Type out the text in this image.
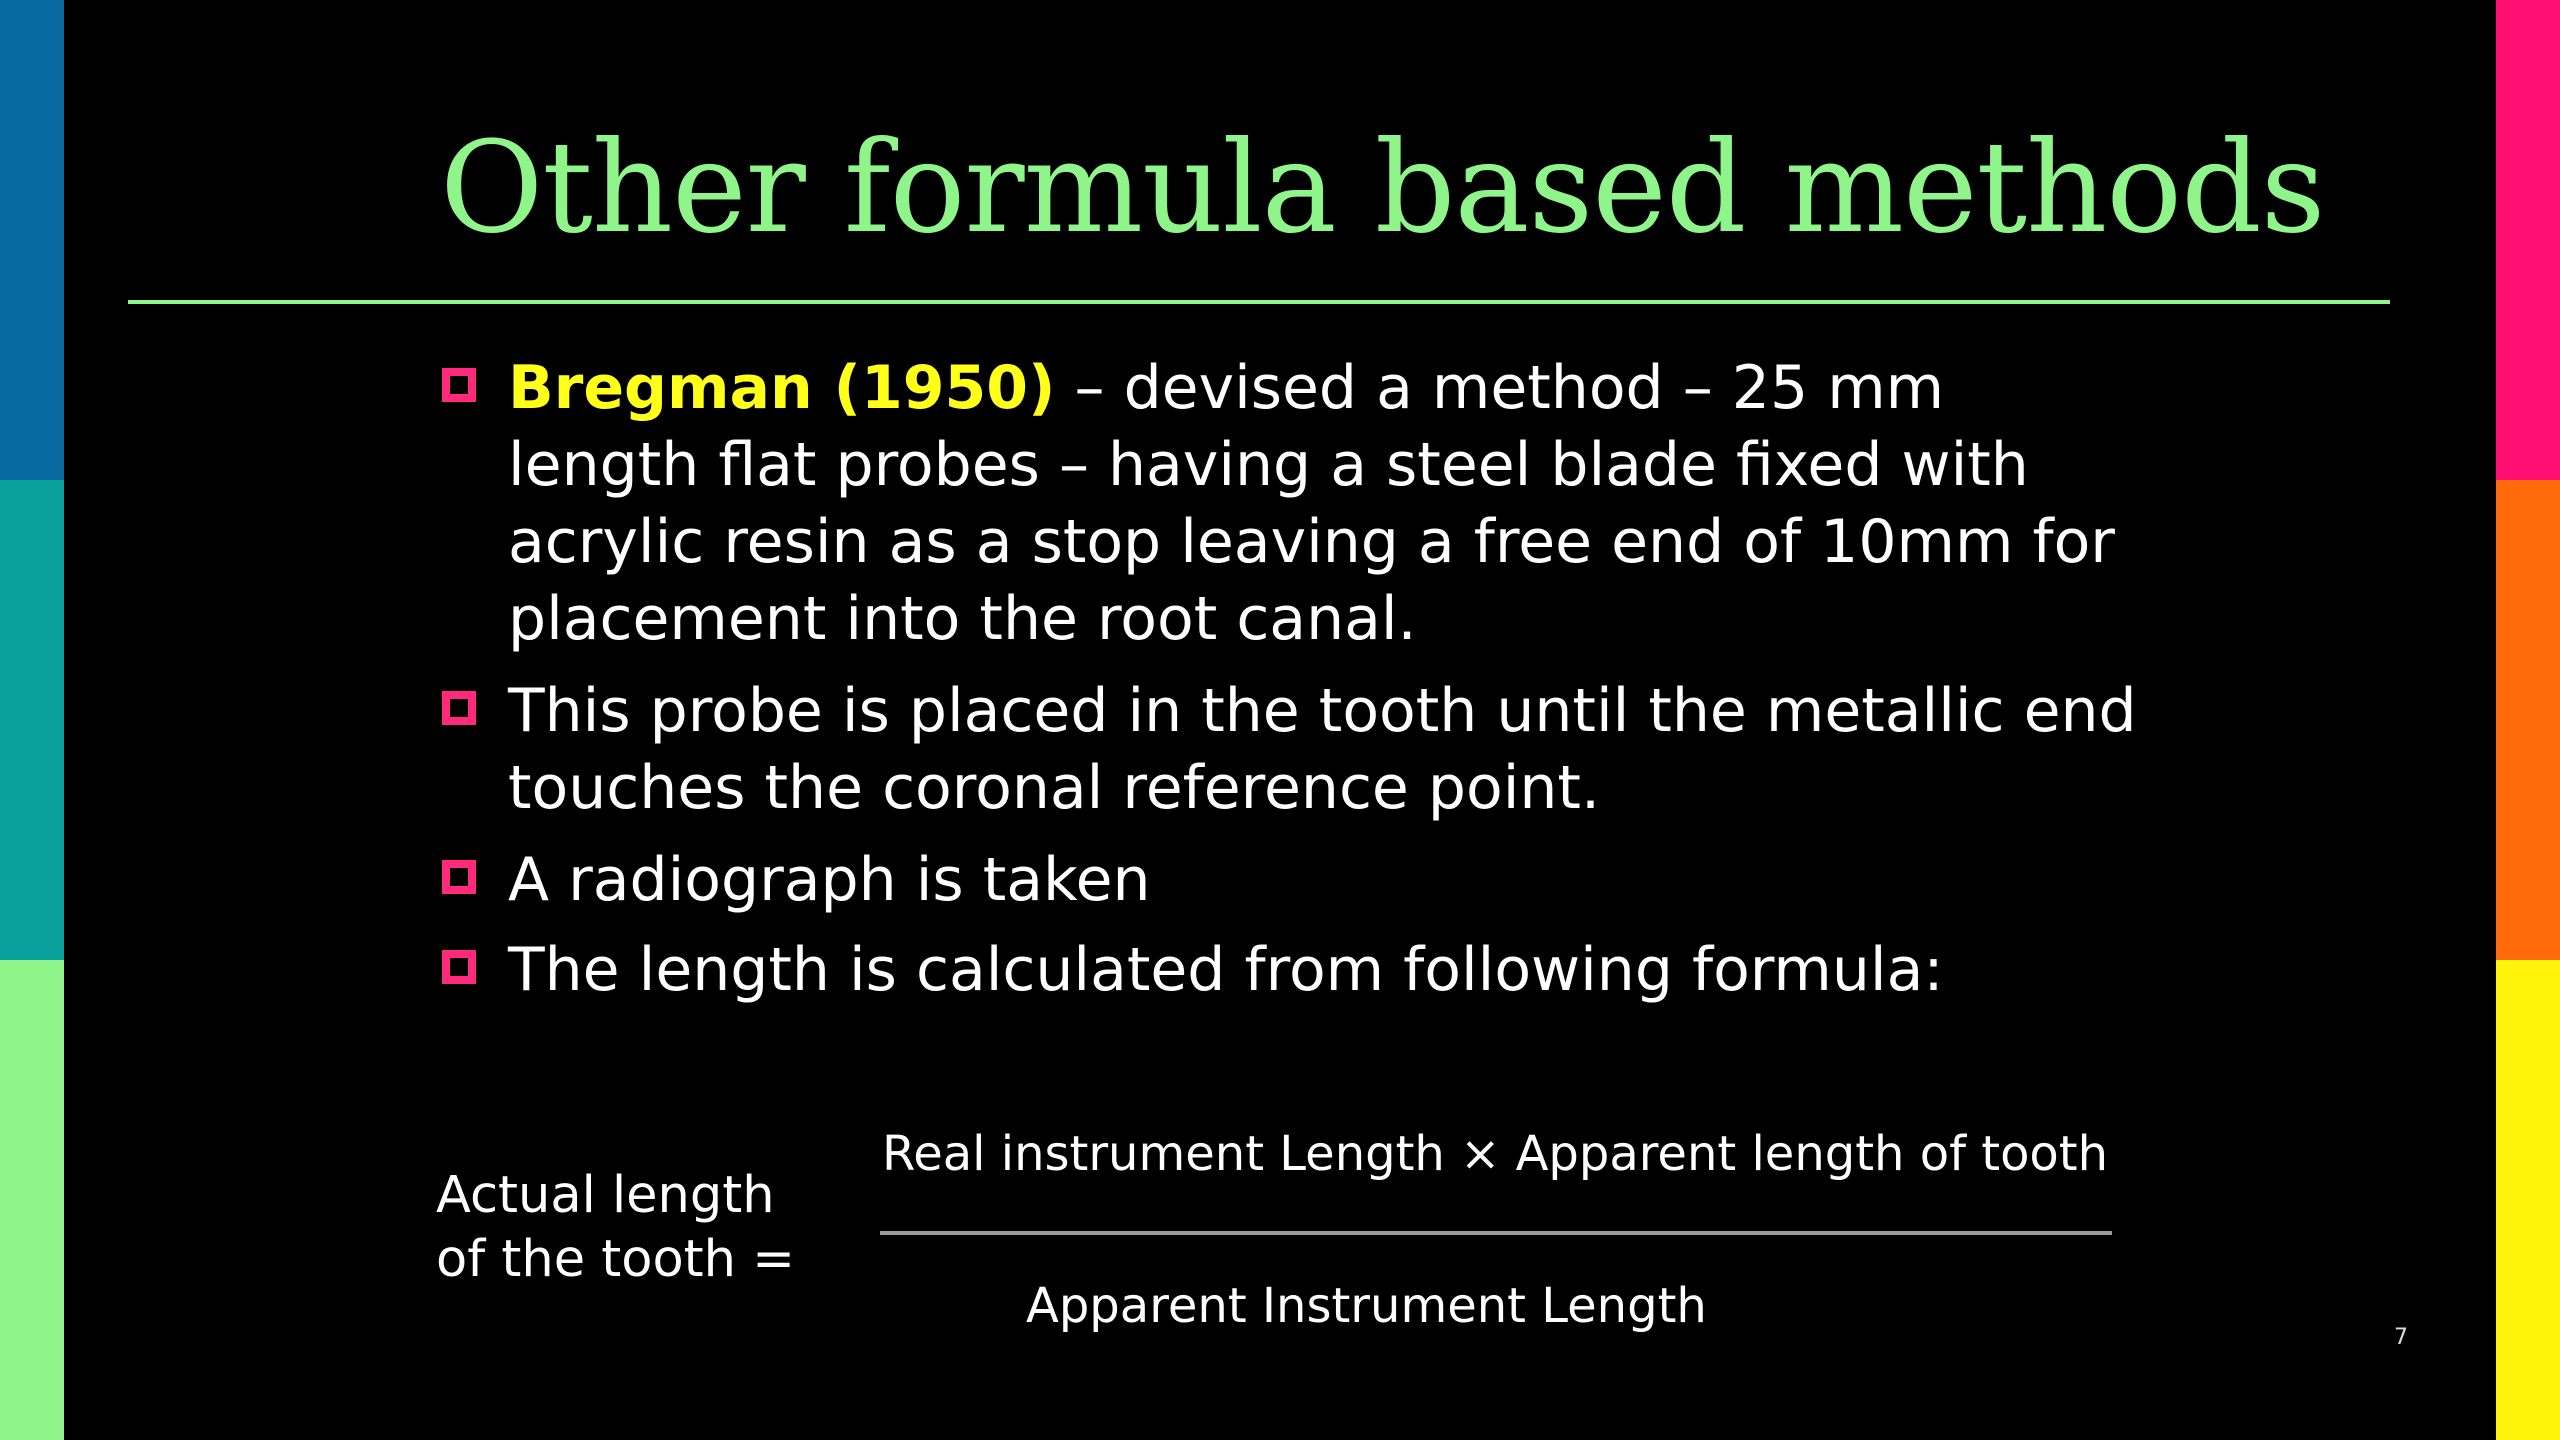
Other formula based methods
Bregman (1950) – devised a method – 25 mm length flat probes – having a steel blade fixed with acrylic resin as a stop leaving a free end of 10mm for placement into the root canal.
This probe is placed in the tooth until the metallic end touches the coronal reference point.
A radiograph is taken
The length is calculated from following formula:
Actual length
of the tooth =
Real instrument Length × Apparent length of tooth
Apparent Instrument Length
7
